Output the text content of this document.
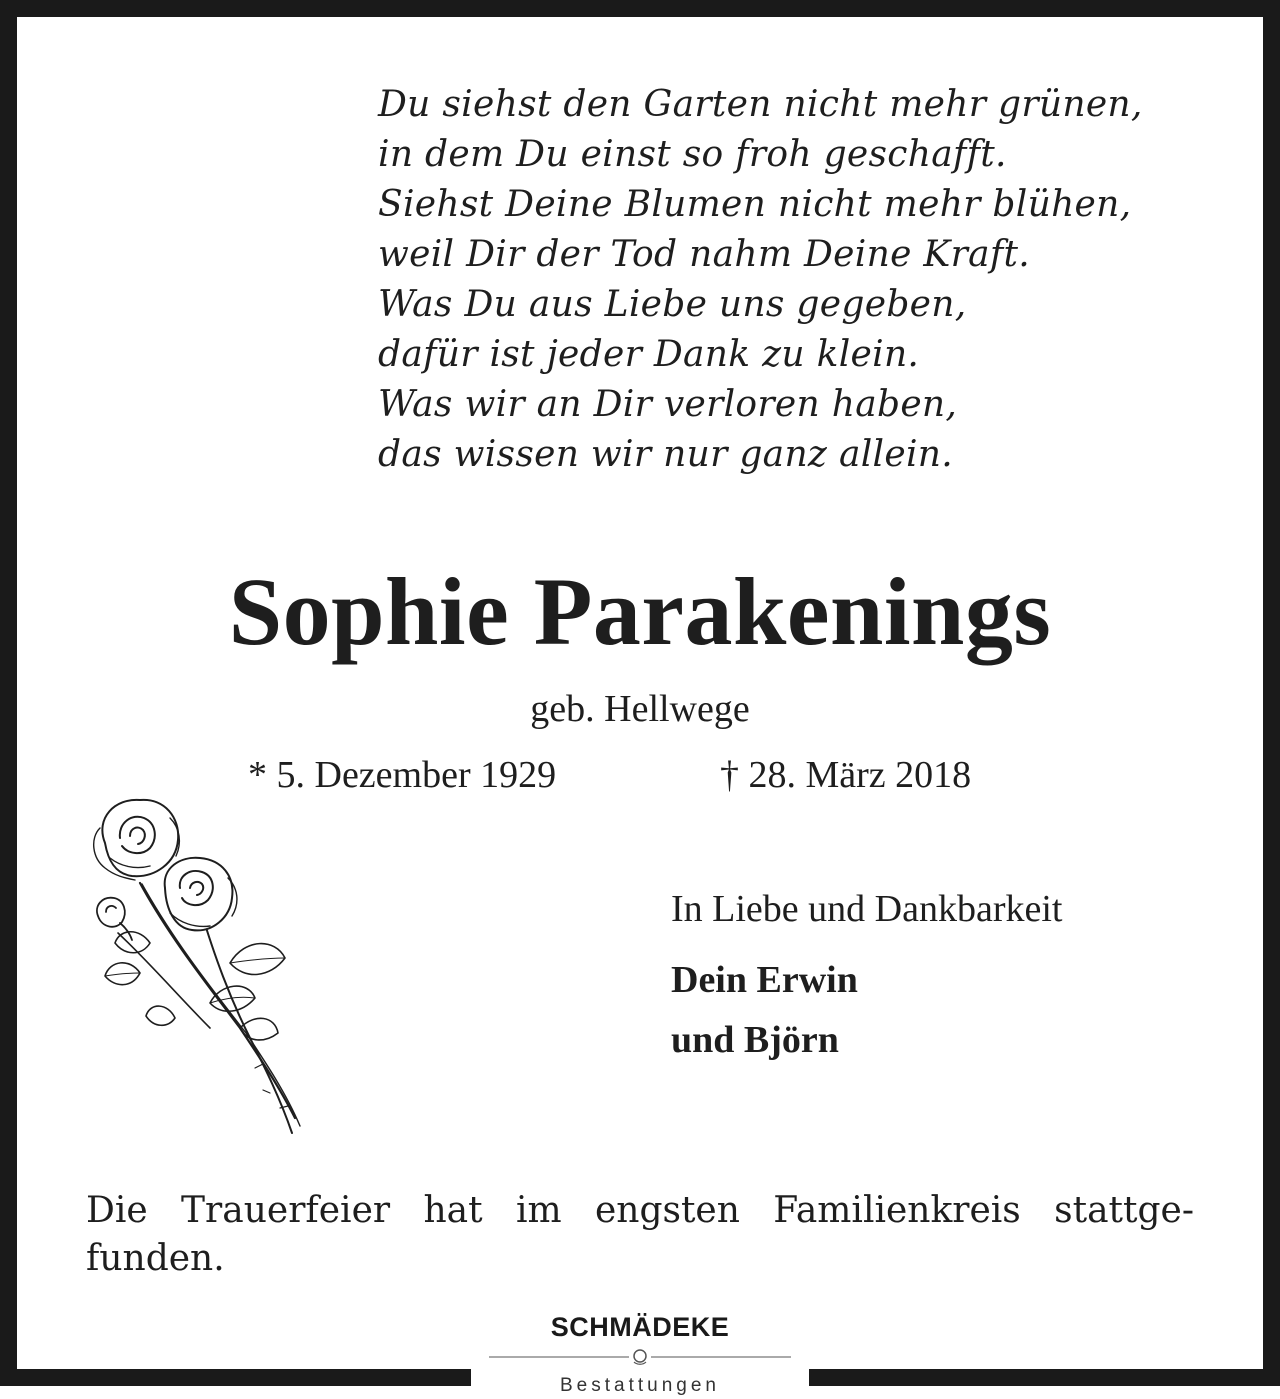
Du siehst den Garten nicht mehr grünen,
in dem Du einst so froh geschafft.
Siehst Deine Blumen nicht mehr blühen,
weil Dir der Tod nahm Deine Kraft.
Was Du aus Liebe uns gegeben,
dafür ist jeder Dank zu klein.
Was wir an Dir verloren haben,
das wissen wir nur ganz allein.
Sophie Parakenings
geb. Hellwege
* 5. Dezember 1929	† 28. März 2018
In Liebe und Dankbarkeit
Dein Erwin
und Björn
Die Trauerfeier hat im engsten Familienkreis stattge-
funden.
SCHMÄDEKE
Bestattungen
